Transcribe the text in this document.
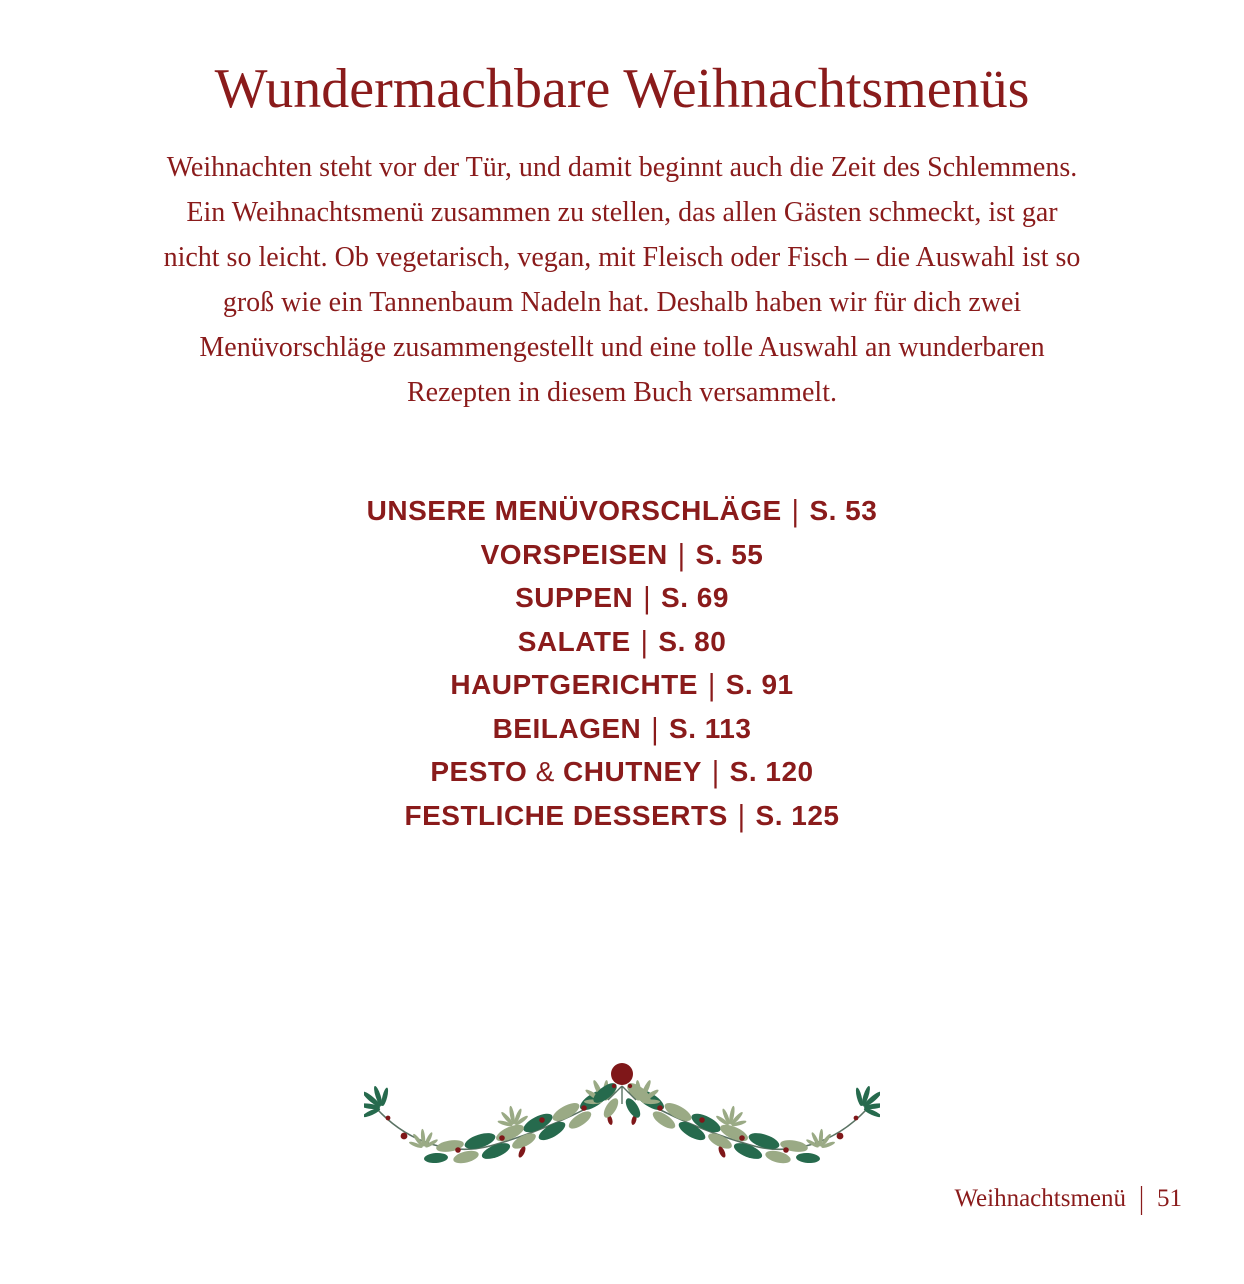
Wundermachbare Weihnachtsmenüs
Weihnachten steht vor der Tür, und damit beginnt auch die Zeit des Schlemmens.
Ein Weihnachtsmenü zusammen zu stellen, das allen Gästen schmeckt, ist gar
nicht so leicht. Ob vegetarisch, vegan, mit Fleisch oder Fisch – die Auswahl ist so
groß wie ein Tannenbaum Nadeln hat. Deshalb haben wir für dich zwei
Menüvorschläge zusammengestellt und eine tolle Auswahl an wunderbaren
Rezepten in diesem Buch versammelt.
UNSERE MENÜVORSCHLÄGE | S. 53
VORSPEISEN | S. 55
SUPPEN | S. 69
SALATE | S. 80
HAUPTGERICHTE | S. 91
BEILAGEN | S. 113
PESTO & CHUTNEY | S. 120
FESTLICHE DESSERTS | S. 125
Weihnachtsmenü | 51
